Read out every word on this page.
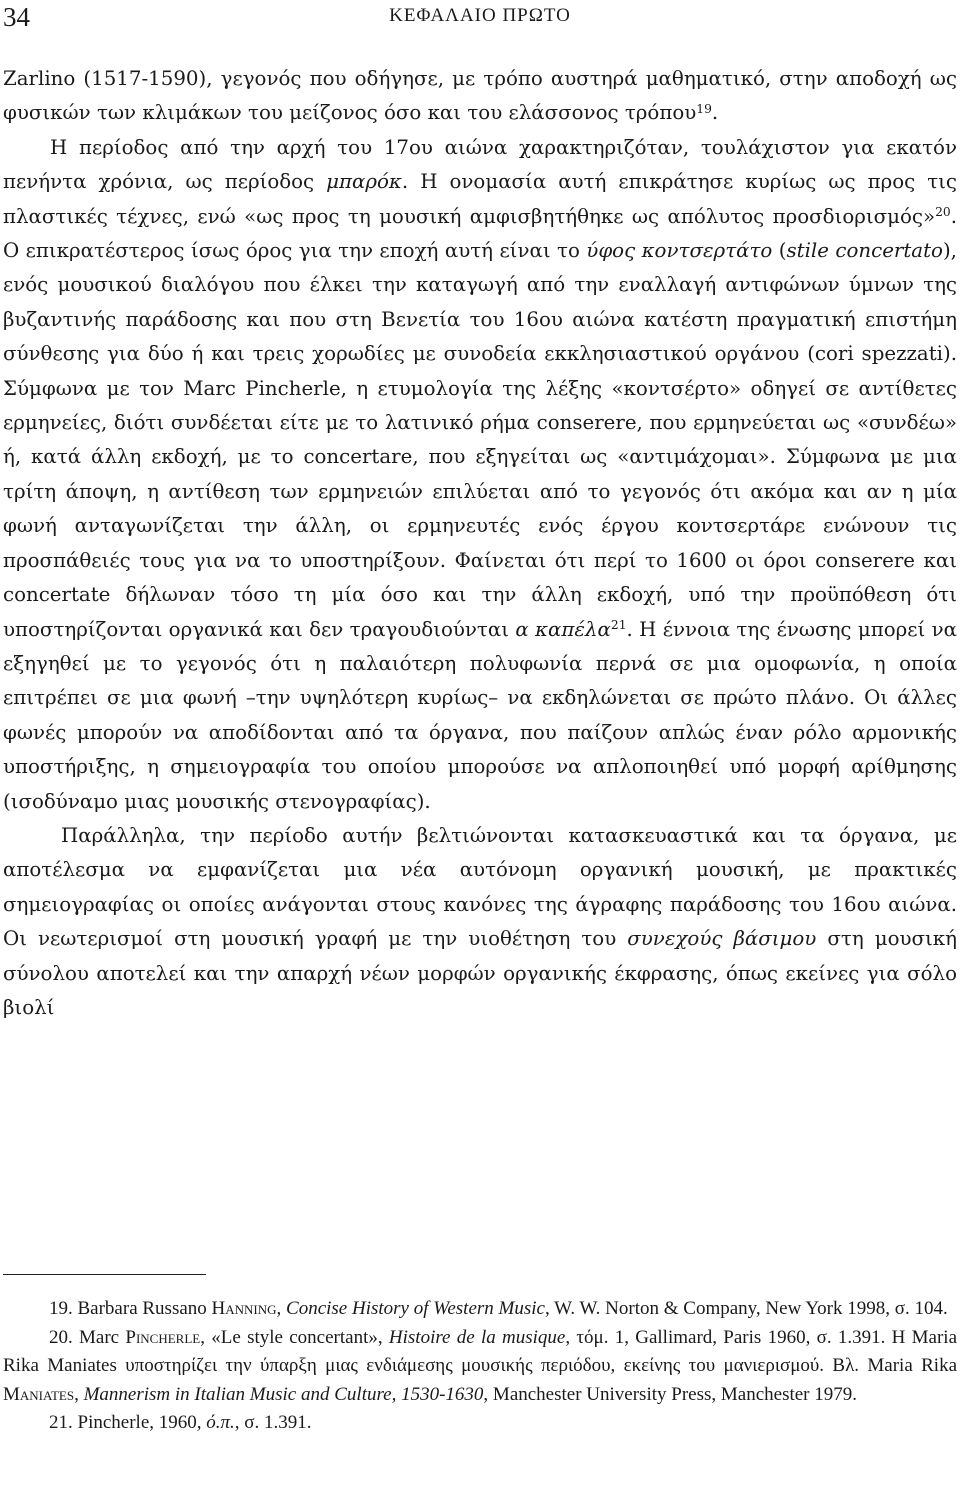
34	ΚΕΦΑΛΑΙΟ ΠΡΩΤΟ

Zarlino (1517-1590), γεγονός που οδήγησε, με τρόπο αυστηρά μαθηματικό, στην αποδοχή ως φυσικών των κλιμάκων του μείζονος όσο και του ελάσσονος τρόπου$^{19}$.

Η περίοδος από την αρχή του 17ου αιώνα χαρακτηριζόταν, τουλάχιστον για εκατόν πενήντα χρόνια, ως περίοδος μπαρόκ. Η ονομασία αυτή επικράτησε κυρίως ως προς τις πλαστικές τέχνες, ενώ «ως προς τη μουσική αμφισβητήθηκε ως απόλυτος προσδιορισμός»$^{20}$. Ο επικρατέστερος ίσως όρος για την εποχή αυτή είναι το ύφος κοντσερτάτο (stile concertato), ενός μουσικού διαλόγου που έλκει την καταγωγή από την εναλλαγή αντιφώνων ύμνων της βυζαντινής παράδοσης και που στη Βενετία του 16ου αιώνα κατέστη πραγματική επιστήμη σύνθεσης για δύο ή και τρεις χορωδίες με συνοδεία εκκλησιαστικού οργάνου (cori spezzati). Σύμφωνα με τον Marc Pincherle, η ετυμολογία της λέξης «κοντσέρτο» οδηγεί σε αντίθετες ερμηνείες, διότι συνδέεται είτε με το λατινικό ρήμα conserere, που ερμηνεύεται ως «συνδέω» ή, κατά άλλη εκδοχή, με το concertare, που εξηγείται ως «αντιμάχομαι». Σύμφωνα με μια τρίτη άποψη, η αντίθεση των ερμηνειών επιλύεται από το γεγονός ότι ακόμα και αν η μία φωνή ανταγωνίζεται την άλλη, οι ερμηνευτές ενός έργου κοντσερτάρε ενώνουν τις προσπάθειές τους για να το υποστηρίξουν. Φαίνεται ότι περί το 1600 οι όροι conserere και concertate δήλωναν τόσο τη μία όσο και την άλλη εκδοχή, υπό την προϋπόθεση ότι υποστηρίζονται οργανικά και δεν τραγουδιούνται α καπέλα$^{21}$. Η έννοια της ένωσης μπορεί να εξηγηθεί με το γεγονός ότι η παλαιότερη πολυφωνία περνά σε μια ομοφωνία, η οποία επιτρέπει σε μια φωνή –την υψηλότερη κυρίως– να εκδηλώνεται σε πρώτο πλάνο. Οι άλλες φωνές μπορούν να αποδίδονται από τα όργανα, που παίζουν απλώς έναν ρόλο αρμονικής υποστήριξης, η σημειογραφία του οποίου μπορούσε να απλοποιηθεί υπό μορφή αρίθμησης (ισοδύναμο μιας μουσικής στενογραφίας).

Παράλληλα, την περίοδο αυτήν βελτιώνονται κατασκευαστικά και τα όργανα, με αποτέλεσμα να εμφανίζεται μια νέα αυτόνομη οργανική μουσική, με πρακτικές σημειογραφίας οι οποίες ανάγονται στους κανόνες της άγραφης παράδοσης του 16ου αιώνα. Οι νεωτερισμοί στη μουσική γραφή με την υιοθέτηση του συνεχούς βάσιμου στη μουσική σύνολου αποτελεί και την απαρχή νέων μορφών οργανικής έκφρασης, όπως εκείνες για σόλο βιολί

19. Barbara Russano Hanning, Concise History of Western Music, W. W. Norton & Company, New York 1998, σ. 104.

20. Marc Pincherle, «Le style concertant», Histoire de la musique, τόμ. 1, Gallimard, Paris 1960, σ. 1.391. Η Maria Rika Maniates υποστηρίζει την ύπαρξη μιας ενδιάμεσης μουσικής περιόδου, εκείνης του μανιερισμού. Βλ. Maria Rika Maniates, Mannerism in Italian Music and Culture, 1530-1630, Manchester University Press, Manchester 1979.

21. Pincherle, 1960, ό.π., σ. 1.391.
